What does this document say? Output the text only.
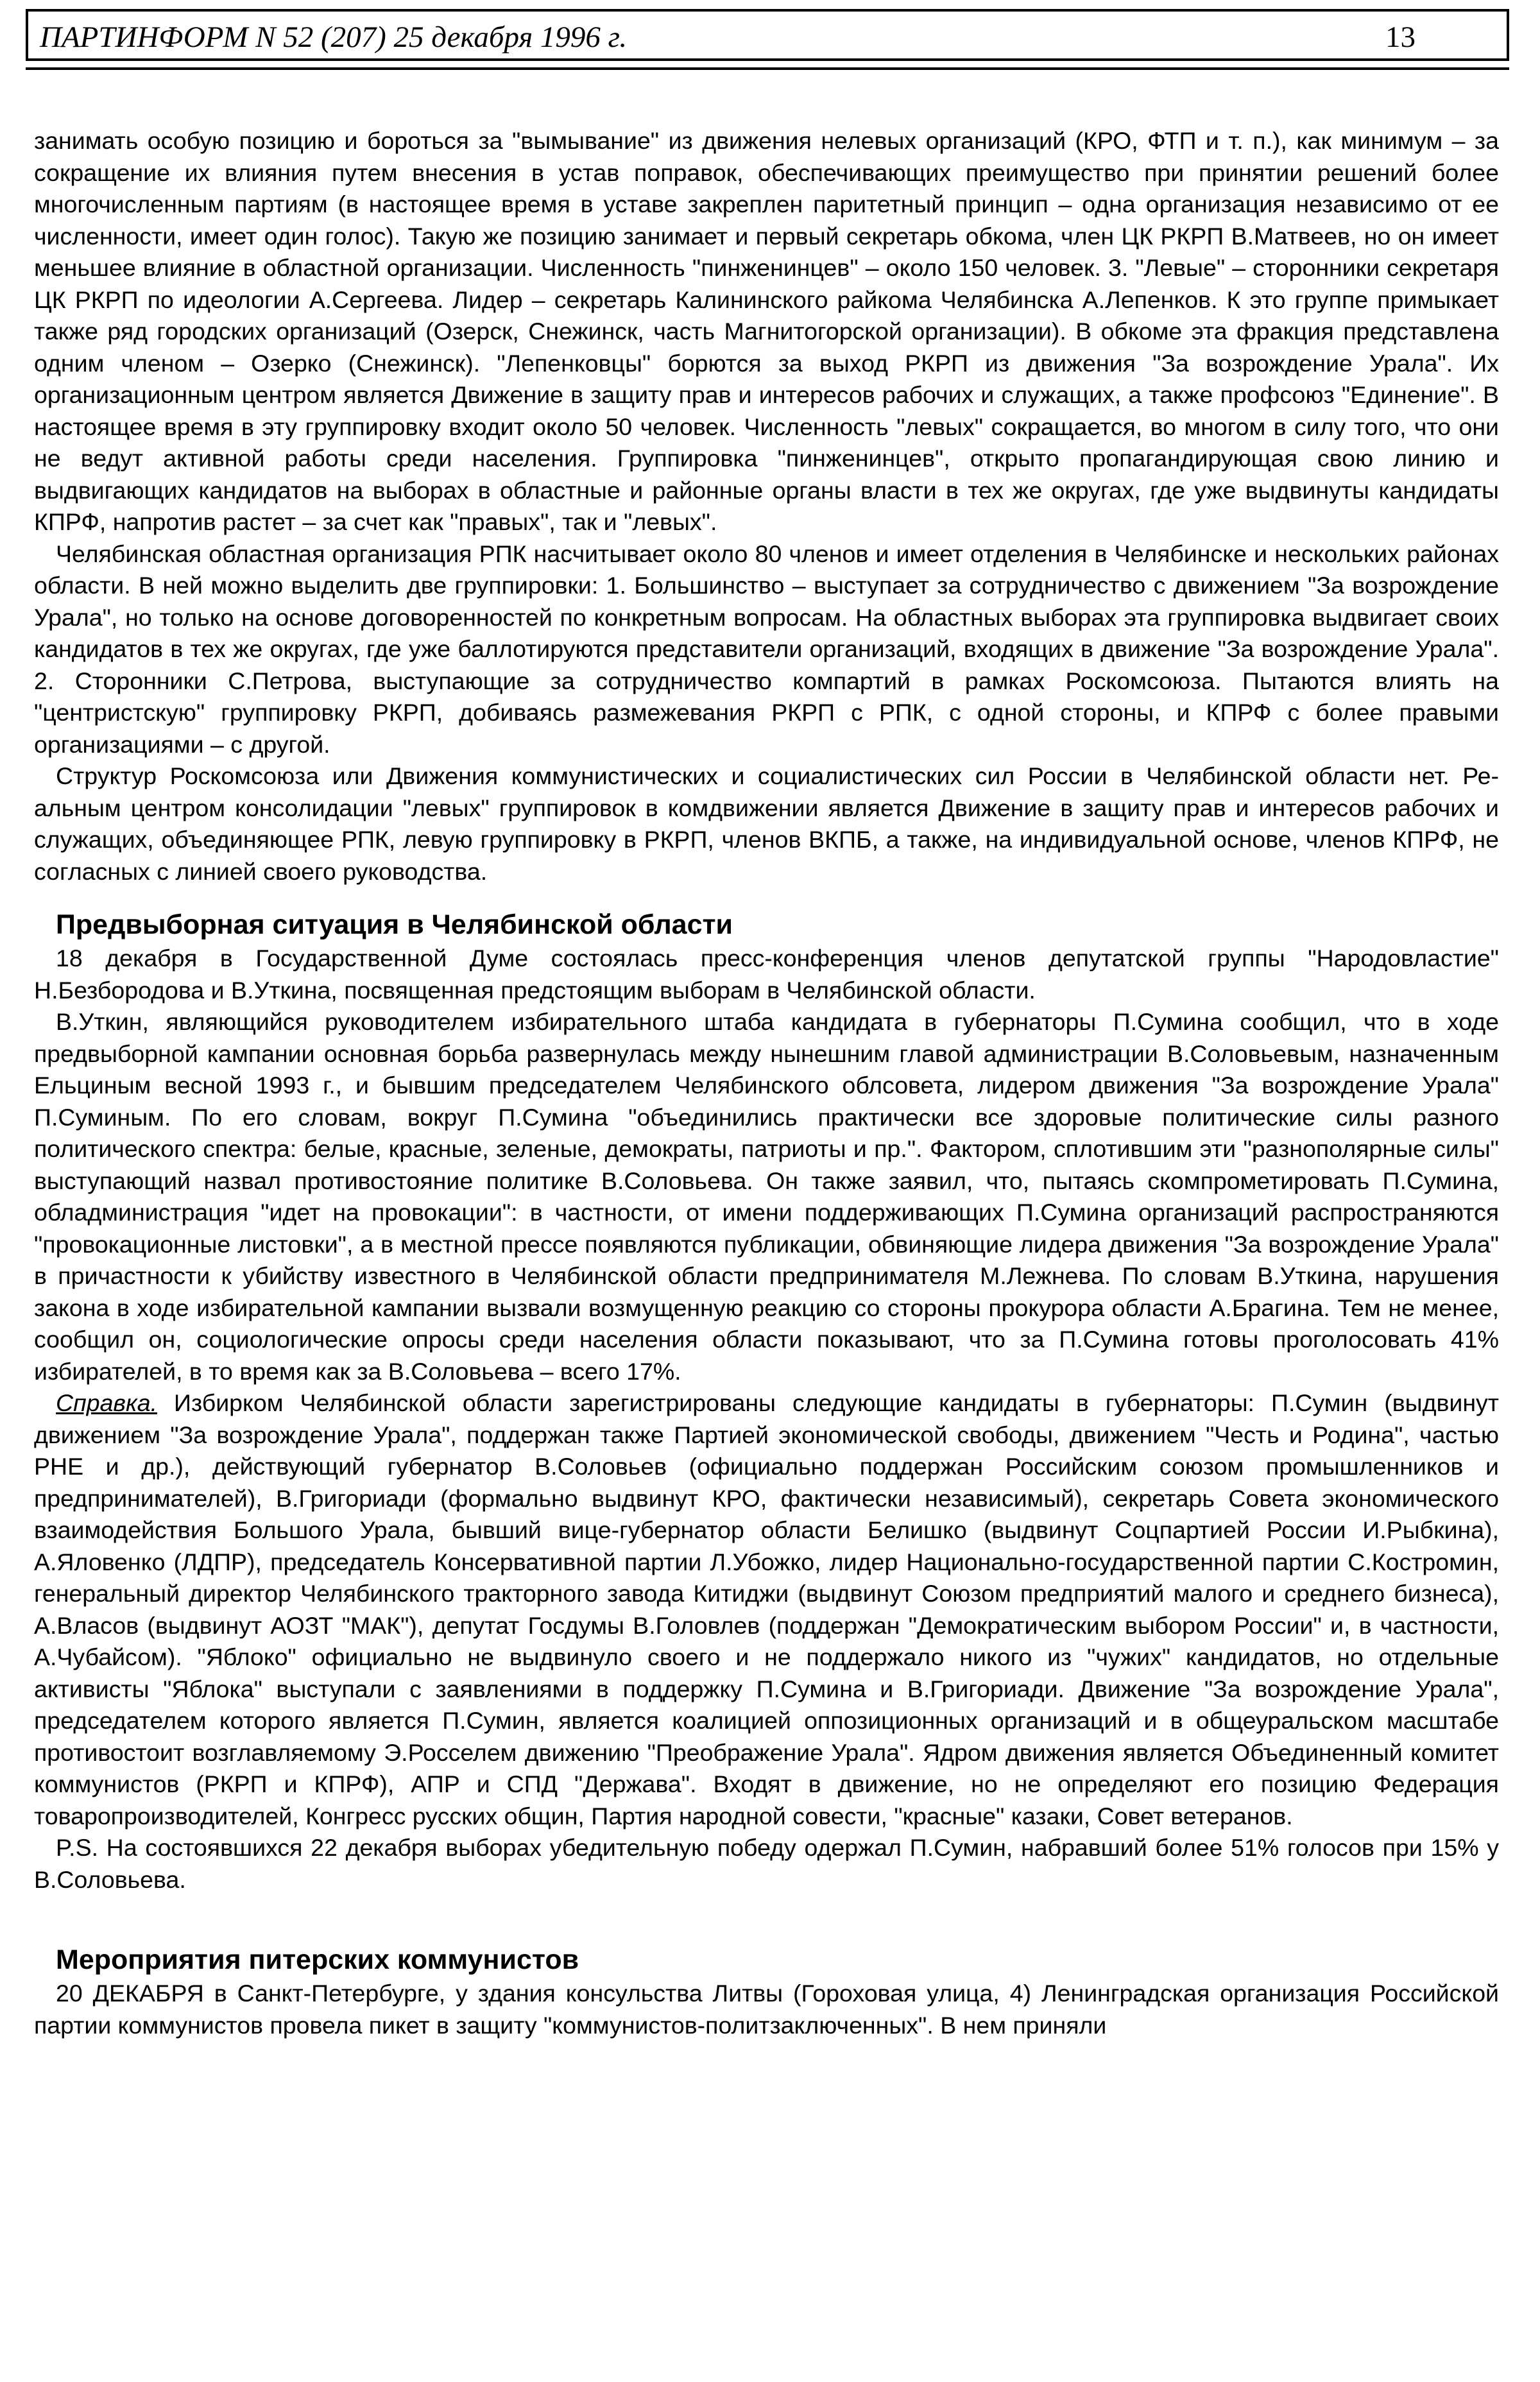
ПАРТИНФОРМ N 52 (207) 25 декабря 1996 г.	13

занимать особую позицию и бороться за "вымывание" из движения нелевых организаций (КРО, ФТП и т. п.), как минимум – за сокращение их влияния путем внесения в устав поправок, обеспечивающих преимущество при принятии решений более многочисленным партиям (в настоящее время в уставе закреплен паритетный принцип – одна организация независимо от ее численности, имеет один голос). Такую же позицию занимает и первый секретарь обкома, член ЦК РКРП В.Матвеев, но он имеет меньшее влияние в областной организации. Численность "пинженинцев" – около 150 человек. 3. "Левые" – сторонники секретаря ЦК РКРП по идеологии А.Сергеева. Лидер – секретарь Калининского райкома Челябинска А.Лепенков. К это группе примыкает также ряд городских организаций (Озерск, Снежинск, часть Магнитогорской организации). В обкоме эта фракция представлена одним членом – Озерко (Снежинск). "Лепенковцы" борются за выход РКРП из движения "За возрождение Урала". Их организационным центром является Движение в защиту прав и интересов рабочих и служащих, а также профсоюз "Единение". В настоящее время в эту группировку входит около 50 человек. Численность "левых" сокращается, во многом в силу того, что они не ведут активной работы среди населения. Группировка "пинженинцев", открыто пропагандирующая свою линию и выдвигающих кандидатов на выборах в областные и районные органы власти в тех же округах, где уже выдвинуты кандидаты КПРФ, напротив растет – за счет как "правых", так и "левых".

Челябинская областная организация РПК насчитывает около 80 членов и имеет отделения в Челябинске и нескольких районах области. В ней можно выделить две группировки: 1. Большинство – выступает за сотрудничество с движением "За возрождение Урала", но только на основе договоренностей по конкретным вопросам. На областных выборах эта группировка выдвигает своих кандидатов в тех же округах, где уже баллотируются представители организаций, входящих в движение "За возрождение Урала". 2. Сторонники С.Петрова, выступающие за сотрудничество компартий в рамках Роскомсоюза. Пытаются влиять на "центристскую" группировку РКРП, добиваясь размежевания РКРП с РПК, с одной стороны, и КПРФ с более правыми организациями – с другой.

Структур Роскомсоюза или Движения коммунистических и социалистических сил России в Челябинской области нет. Ре-альным центром консолидации "левых" группировок в комдвижении является Движение в защиту прав и интересов рабочих и служащих, объединяющее РПК, левую группировку в РКРП, членов ВКПБ, а также, на индивидуальной основе, членов КПРФ, не согласных с линией своего руководства.

Предвыборная ситуация в Челябинской области

18 декабря в Государственной Думе состоялась пресс-конференция членов депутатской группы "Народовластие" Н.Безбородова и В.Уткина, посвященная предстоящим выборам в Челябинской области.

В.Уткин, являющийся руководителем избирательного штаба кандидата в губернаторы П.Сумина сообщил, что в ходе предвыборной кампании основная борьба развернулась между нынешним главой администрации В.Соловьевым, назначенным Ельциным весной 1993 г., и бывшим председателем Челябинского облсовета, лидером движения "За возрождение Урала" П.Суминым. По его словам, вокруг П.Сумина "объединились практически все здоровые политические силы разного политического спектра: белые, красные, зеленые, демократы, патриоты и пр.". Фактором, сплотившим эти "разнополярные силы" выступающий назвал противостояние политике В.Соловьева. Он также заявил, что, пытаясь скомпрометировать П.Сумина, обладминистрация "идет на провокации": в частности, от имени поддерживающих П.Сумина организаций распространяются "провокационные листовки", а в местной прессе появляются публикации, обвиняющие лидера движения "За возрождение Урала" в причастности к убийству известного в Челябинской области предпринимателя М.Лежнева. По словам В.Уткина, нарушения закона в ходе избирательной кампании вызвали возмущенную реакцию со стороны прокурора области А.Брагина. Тем не менее, сообщил он, социологические опросы среди населения области показывают, что за П.Сумина готовы проголосовать 41% избирателей, в то время как за В.Соловьева – всего 17%.

Справка. Избирком Челябинской области зарегистрированы следующие кандидаты в губернаторы: П.Сумин (выдвинут движением "За возрождение Урала", поддержан также Партией экономической свободы, движением "Честь и Родина", частью РНЕ и др.), действующий губернатор В.Соловьев (официально поддержан Российским союзом промышленников и предпринимателей), В.Григориади (формально выдвинут КРО, фактически независимый), секретарь Совета экономического взаимодействия Большого Урала, бывший вице-губернатор области Белишко (выдвинут Соцпартией России И.Рыбкина), А.Яловенко (ЛДПР), председатель Консервативной партии Л.Убожко, лидер Национально-государственной партии С.Костромин, генеральный директор Челябинского тракторного завода Китиджи (выдвинут Союзом предприятий малого и среднего бизнеса), А.Власов (выдвинут АОЗТ "МАК"), депутат Госдумы В.Головлев (поддержан "Демократическим выбором России" и, в частности, А.Чубайсом). "Яблоко" официально не выдвинуло своего и не поддержало никого из "чужих" кандидатов, но отдельные активисты "Яблока" выступали с заявлениями в поддержку П.Сумина и В.Григориади. Движение "За возрождение Урала", председателем которого является П.Сумин, является коалицией оппозиционных организаций и в общеуральском масштабе противостоит возглавляемому Э.Росселем движению "Преображение Урала". Ядром движения является Объединенный комитет коммунистов (РКРП и КПРФ), АПР и СПД "Держава". Входят в движение, но не определяют его позицию Федерация товаропроизводителей, Конгресс русских общин, Партия народной совести, "красные" казаки, Совет ветеранов.

P.S. На состоявшихся 22 декабря выборах убедительную победу одержал П.Сумин, набравший более 51% голосов при 15% у В.Соловьева.

Мероприятия питерских коммунистов

20 ДЕКАБРЯ в Санкт-Петербурге, у здания консульства Литвы (Гороховая улица, 4) Ленинградская организация Российской партии коммунистов провела пикет в защиту "коммунистов-политзаключенных". В нем приняли
